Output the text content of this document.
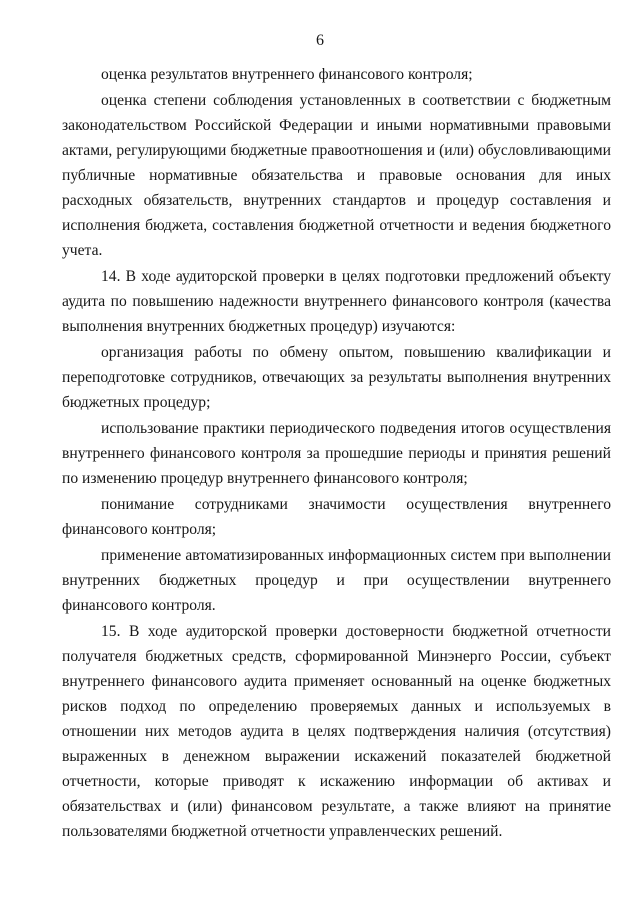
6

оценка результатов внутреннего финансового контроля;

оценка степени соблюдения установленных в соответствии с бюджетным законодательством Российской Федерации и иными нормативными правовыми актами, регулирующими бюджетные правоотношения и (или) обусловливающими публичные нормативные обязательства и правовые основания для иных расходных обязательств, внутренних стандартов и процедур составления и исполнения бюджета, составления бюджетной отчетности и ведения бюджетного учета.

14. В ходе аудиторской проверки в целях подготовки предложений объекту аудита по повышению надежности внутреннего финансового контроля (качества выполнения внутренних бюджетных процедур) изучаются:

организация работы по обмену опытом, повышению квалификации и переподготовке сотрудников, отвечающих за результаты выполнения внутренних бюджетных процедур;

использование практики периодического подведения итогов осуществления внутреннего финансового контроля за прошедшие периоды и принятия решений по изменению процедур внутреннего финансового контроля;

понимание сотрудниками значимости осуществления внутреннего финансового контроля;

применение автоматизированных информационных систем при выполнении внутренних бюджетных процедур и при осуществлении внутреннего финансового контроля.

15. В ходе аудиторской проверки достоверности бюджетной отчетности получателя бюджетных средств, сформированной Минэнерго России, субъект внутреннего финансового аудита применяет основанный на оценке бюджетных рисков подход по определению проверяемых данных и используемых в отношении них методов аудита в целях подтверждения наличия (отсутствия) выраженных в денежном выражении искажений показателей бюджетной отчетности, которые приводят к искажению информации об активах и обязательствах и (или) финансовом результате, а также влияют на принятие пользователями бюджетной отчетности управленческих решений.
